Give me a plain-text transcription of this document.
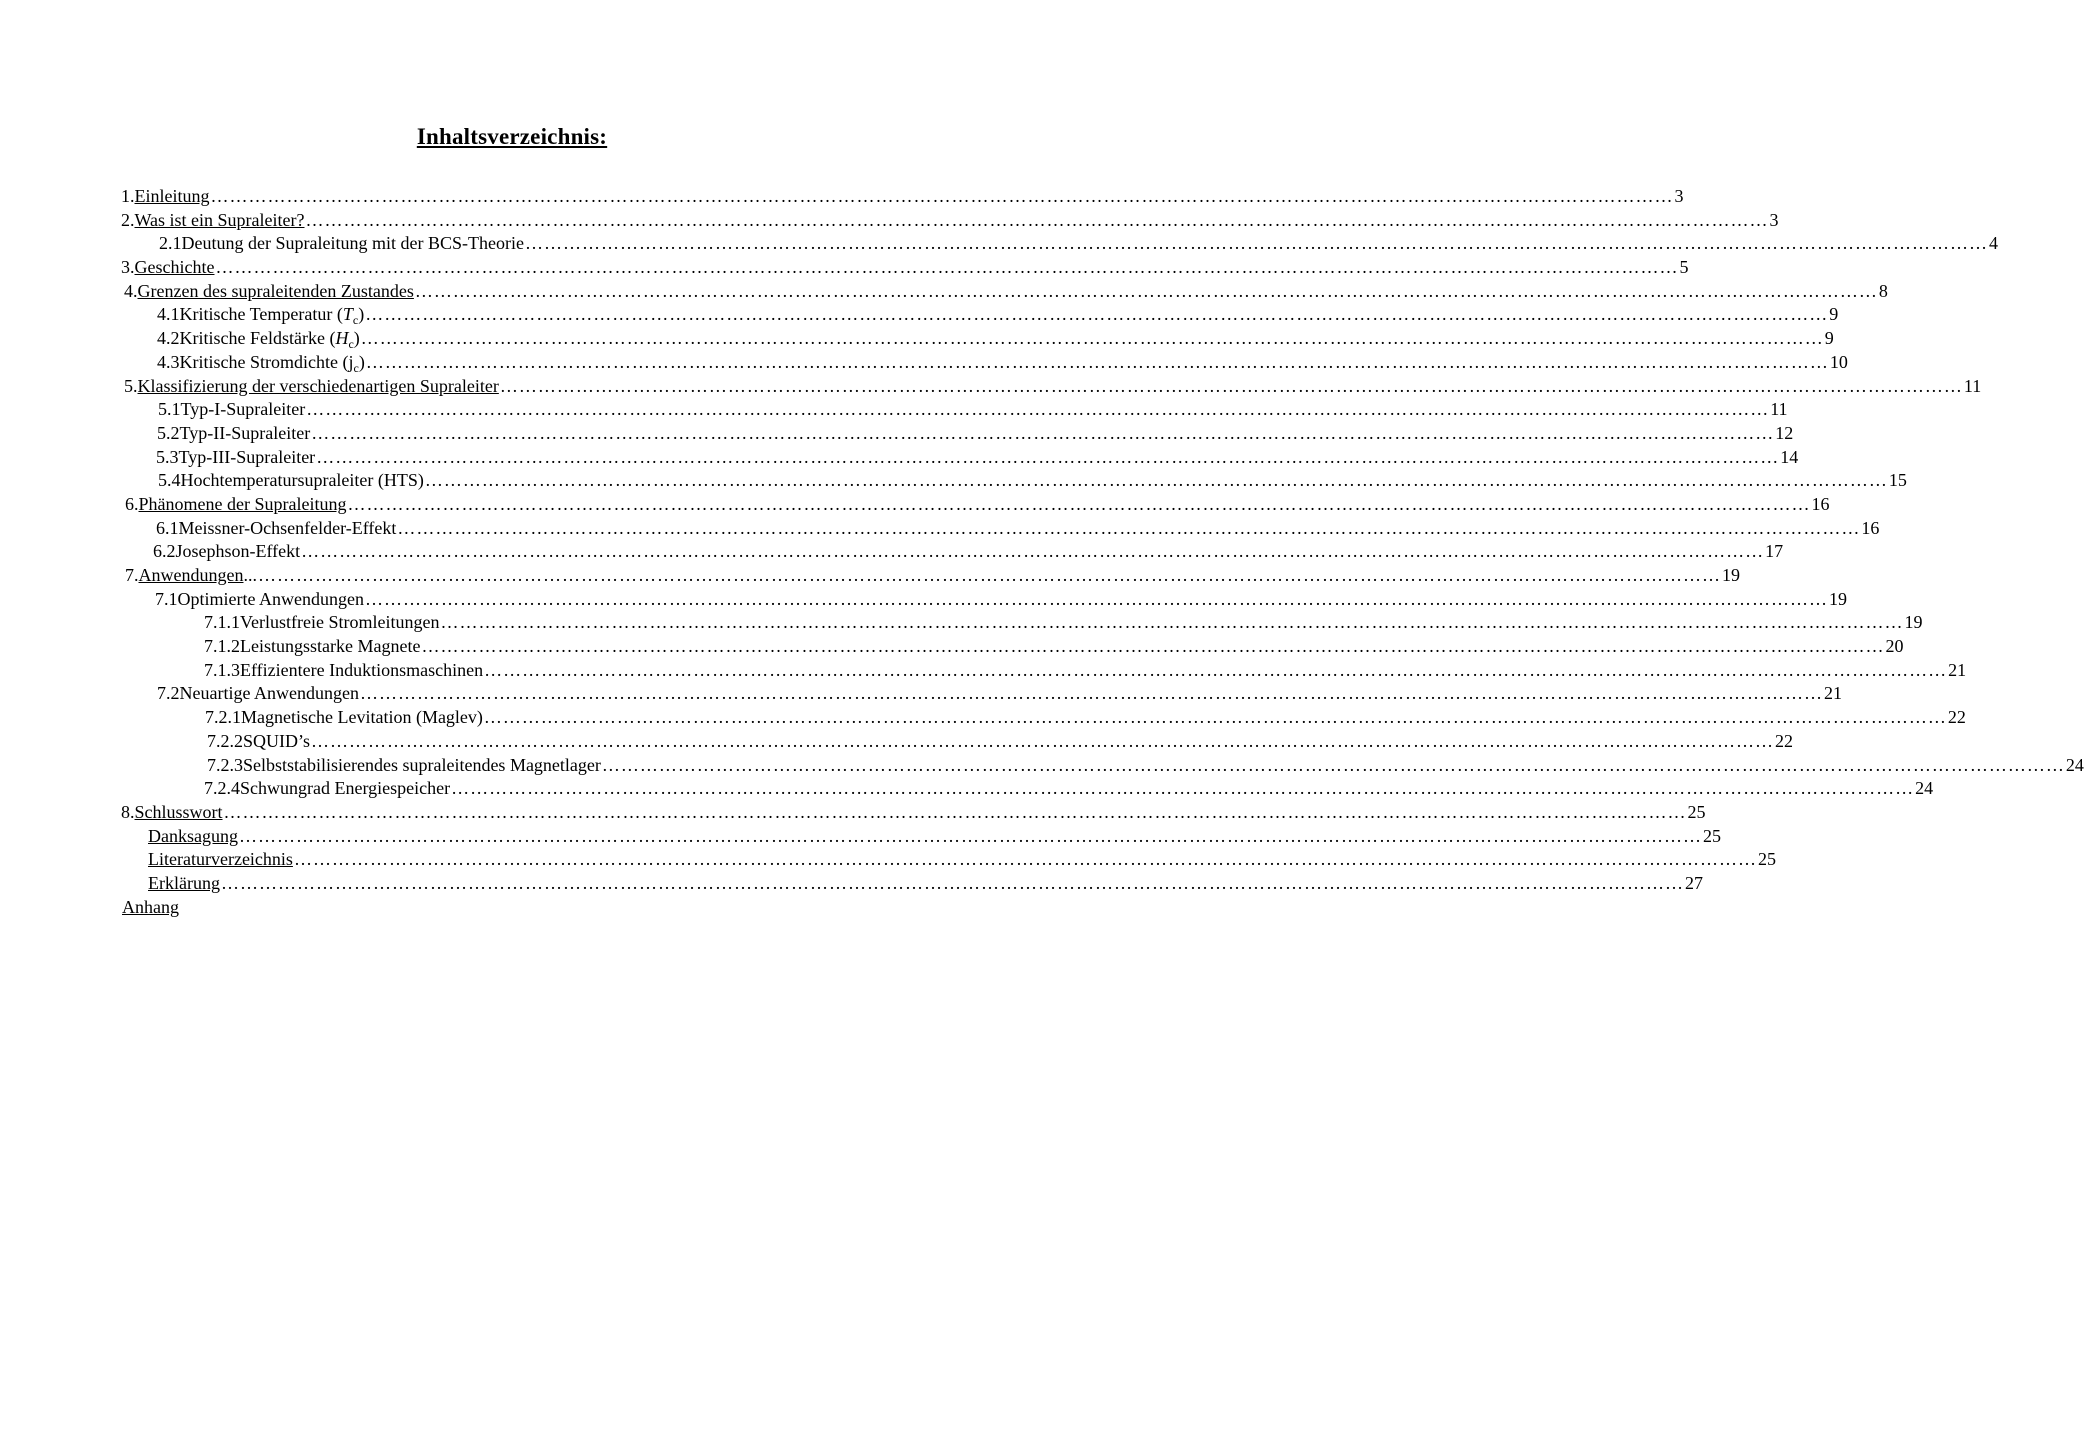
Inhaltsverzeichnis:
1. Einleitung …………………………………………………………………………………………………………………………………………………………………………………………………………… 3
2. Was ist ein Supraleiter? …………………………………………………………………………………………………………………………………………………………………………………………………………… 3
2.1 Deutung der Supraleitung mit der BCS-Theorie …………………………………………………………………………………………………………………………………………………………………………………………………………… 4
3. Geschichte …………………………………………………………………………………………………………………………………………………………………………………………………………… 5
4. Grenzen des supraleitenden Zustandes …………………………………………………………………………………………………………………………………………………………………………………………………………… 8
4.1 Kritische Temperatur $(T_c)$ …………………………………………………………………………………………………………………………………………………………………………………………………………… 9
4.2 Kritische Feldstärke $(H_c)$ …………………………………………………………………………………………………………………………………………………………………………………………………………… 9
4.3 Kritische Stromdichte $(j_c)$ …………………………………………………………………………………………………………………………………………………………………………………………………………… 10
5. Klassifizierung der verschiedenartigen Supraleiter …………………………………………………………………………………………………………………………………………………………………………………………………………… 11
5.1 Typ-I-Supraleiter …………………………………………………………………………………………………………………………………………………………………………………………………………… 11
5.2 Typ-II-Supraleiter …………………………………………………………………………………………………………………………………………………………………………………………………………… 12
5.3 Typ-III-Supraleiter …………………………………………………………………………………………………………………………………………………………………………………………………………… 14
5.4 Hochtemperatursupraleiter (HTS) …………………………………………………………………………………………………………………………………………………………………………………………………………… 15
6. Phänomene der Supraleitung …………………………………………………………………………………………………………………………………………………………………………………………………………… 16
6.1 Meissner-Ochsenfelder-Effekt …………………………………………………………………………………………………………………………………………………………………………………………………………… 16
6.2 Josephson-Effekt …………………………………………………………………………………………………………………………………………………………………………………………………………… 17
7. Anwendungen ... …………………………………………………………………………………………………………………………………………………………………………………………………………… 19
7.1 Optimierte Anwendungen …………………………………………………………………………………………………………………………………………………………………………………………………………… 19
7.1.1 Verlustfreie Stromleitungen …………………………………………………………………………………………………………………………………………………………………………………………………………… 19
7.1.2 Leistungsstarke Magnete …………………………………………………………………………………………………………………………………………………………………………………………………………… 20
7.1.3 Effizientere Induktionsmaschinen …………………………………………………………………………………………………………………………………………………………………………………………………………… 21
7.2 Neuartige Anwendungen …………………………………………………………………………………………………………………………………………………………………………………………………………… 21
7.2.1 Magnetische Levitation (Maglev) …………………………………………………………………………………………………………………………………………………………………………………………………………… 22
7.2.2 SQUID’s …………………………………………………………………………………………………………………………………………………………………………………………………………… 22
7.2.3 Selbststabilisierendes supraleitendes Magnetlager …………………………………………………………………………………………………………………………………………………………………………………………………………… 24
7.2.4 Schwungrad Energiespeicher …………………………………………………………………………………………………………………………………………………………………………………………………………… 24
8. Schlusswort …………………………………………………………………………………………………………………………………………………………………………………………………………… 25
Danksagung …………………………………………………………………………………………………………………………………………………………………………………………………………… 25
Literaturverzeichnis …………………………………………………………………………………………………………………………………………………………………………………………………………… 25
Erklärung …………………………………………………………………………………………………………………………………………………………………………………………………………… 27
Anhang
